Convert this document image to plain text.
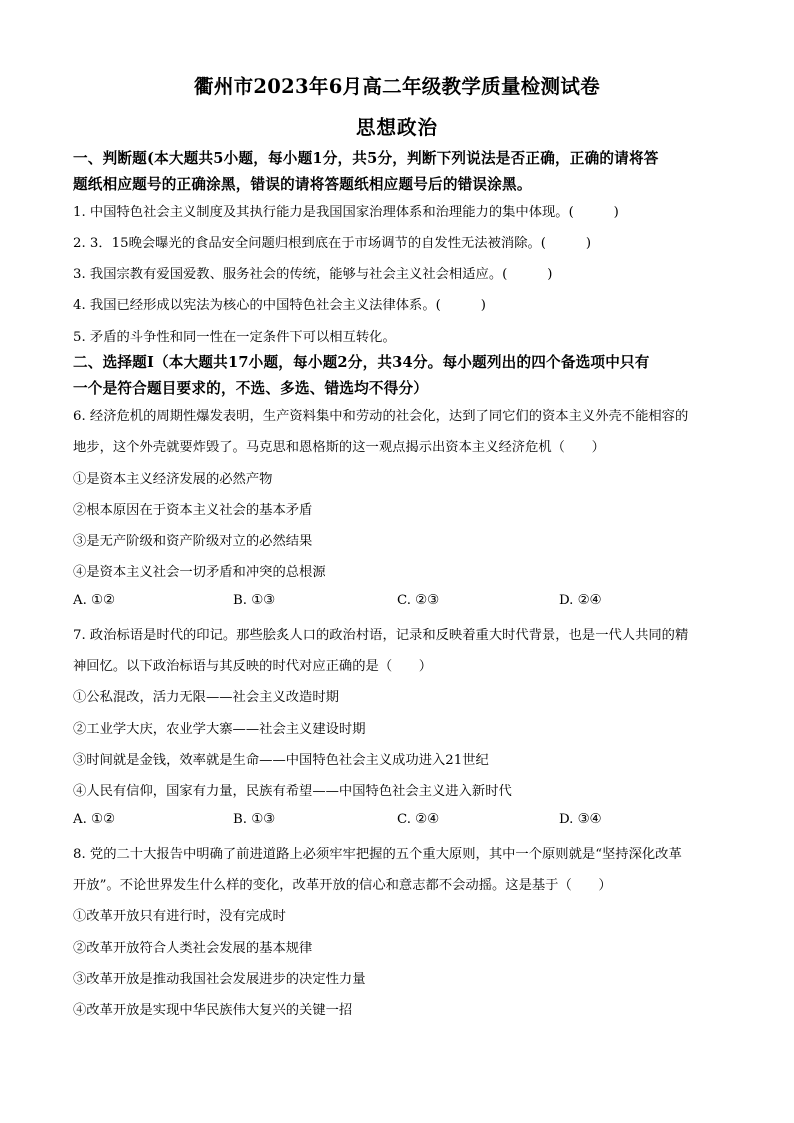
衢州市2023年6月高二年级教学质量检测试卷
思想政治
一、判断题(本大题共5小题，每小题1分，共5分，判断下列说法是否正确，正确的请将答
题纸相应题号的正确涂黑，错误的请将答题纸相应题号后的错误涂黑。
1. 中国特色社会主义制度及其执行能力是我国国家治理体系和治理能力的集中体现。(　　　)
2. 3．15晚会曝光的食品安全问题归根到底在于市场调节的自发性无法被消除。(　　　)
3. 我国宗教有爱国爱教、服务社会的传统，能够与社会主义社会相适应。(　　　)
4. 我国已经形成以宪法为核心的中国特色社会主义法律体系。(　　　)
5. 矛盾的斗争性和同一性在一定条件下可以相互转化。
二、选择题Ⅰ（本大题共17小题，每小题2分，共34分。每小题列出的四个备选项中只有
一个是符合题目要求的，不选、多选、错选均不得分）
6. 经济危机的周期性爆发表明，生产资料集中和劳动的社会化，达到了同它们的资本主义外壳不能相容的
地步，这个外壳就要炸毁了。马克思和恩格斯的这一观点揭示出资本主义经济危机（　　）
①是资本主义经济发展的必然产物
②根本原因在于资本主义社会的基本矛盾
③是无产阶级和资产阶级对立的必然结果
④是资本主义社会一切矛盾和冲突的总根源
A. ①②	B. ①③	C. ②③	D. ②④
7. 政治标语是时代的印记。那些脍炙人口的政治村语，记录和反映着重大时代背景，也是一代人共同的精
神回忆。以下政治标语与其反映的时代对应正确的是（　　）
①公私混改，活力无限——社会主义改造时期
②工业学大庆，农业学大寨——社会主义建设时期
③时间就是金钱，效率就是生命——中国特色社会主义成功进入21世纪
④人民有信仰，国家有力量，民族有希望——中国特色社会主义进入新时代
A. ①②	B. ①③	C. ②④	D. ③④
8. 党的二十大报告中明确了前进道路上必须牢牢把握的五个重大原则，其中一个原则就是“坚持深化改革
开放”。不论世界发生什么样的变化，改革开放的信心和意志都不会动摇。这是基于（　　）
①改革开放只有进行时，没有完成时
②改革开放符合人类社会发展的基本规律
③改革开放是推动我国社会发展进步的决定性力量
④改革开放是实现中华民族伟大复兴的关键一招
